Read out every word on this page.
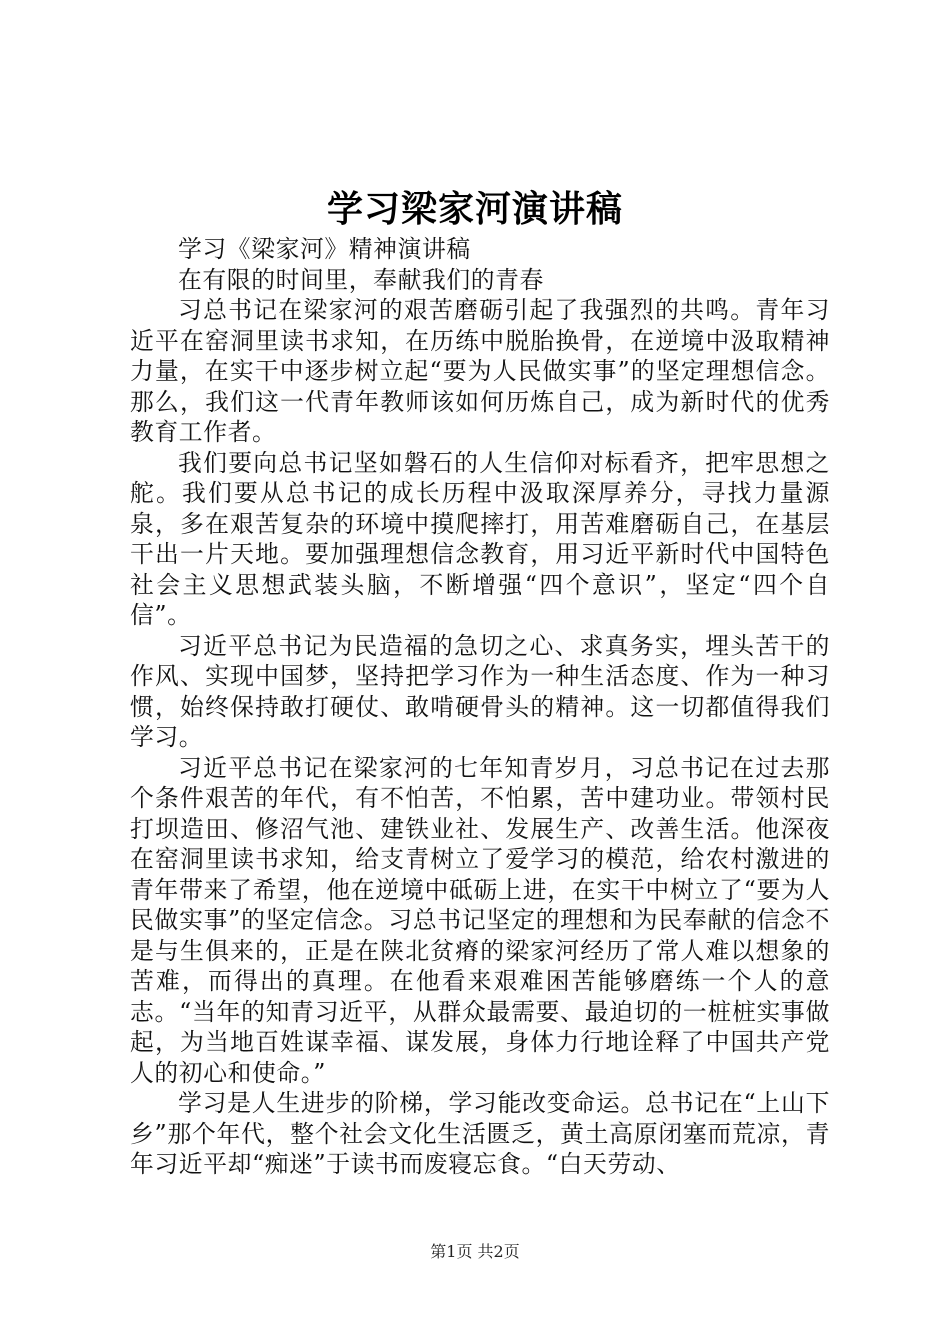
学习梁家河演讲稿

学习《梁家河》精神演讲稿

在有限的时间里，奉献我们的青春

习总书记在梁家河的艰苦磨砺引起了我强烈的共鸣。青年习近平在窑洞里读书求知，在历练中脱胎换骨，在逆境中汲取精神力量，在实干中逐步树立起“要为人民做实事”的坚定理想信念。那么，我们这一代青年教师该如何历炼自己，成为新时代的优秀教育工作者。

我们要向总书记坚如磐石的人生信仰对标看齐，把牢思想之舵。我们要从总书记的成长历程中汲取深厚养分，寻找力量源泉，多在艰苦复杂的环境中摸爬摔打，用苦难磨砺自己，在基层干出一片天地。要加强理想信念教育，用习近平新时代中国特色社会主义思想武装头脑，不断增强“四个意识”，坚定“四个自信”。

习近平总书记为民造福的急切之心、求真务实，埋头苦干的作风、实现中国梦，坚持把学习作为一种生活态度、作为一种习惯，始终保持敢打硬仗、敢啃硬骨头的精神。这一切都值得我们学习。

习近平总书记在梁家河的七年知青岁月，习总书记在过去那个条件艰苦的年代，有不怕苦，不怕累，苦中建功业。带领村民打坝造田、修沼气池、建铁业社、发展生产、改善生活。他深夜在窑洞里读书求知，给支青树立了爱学习的模范，给农村激进的青年带来了希望，他在逆境中砥砺上进，在实干中树立了“要为人民做实事”的坚定信念。习总书记坚定的理想和为民奉献的信念不是与生俱来的，正是在陕北贫瘠的梁家河经历了常人难以想象的苦难，而得出的真理。在他看来艰难困苦能够磨练一个人的意志。“当年的知青习近平，从群众最需要、最迫切的一桩桩实事做起，为当地百姓谋幸福、谋发展，身体力行地诠释了中国共产党人的初心和使命。”

学习是人生进步的阶梯，学习能改变命运。总书记在“上山下乡”那个年代，整个社会文化生活匮乏，黄土高原闭塞而荒凉，青年习近平却“痴迷”于读书而废寝忘食。“白天劳动、

第1页 共2页
